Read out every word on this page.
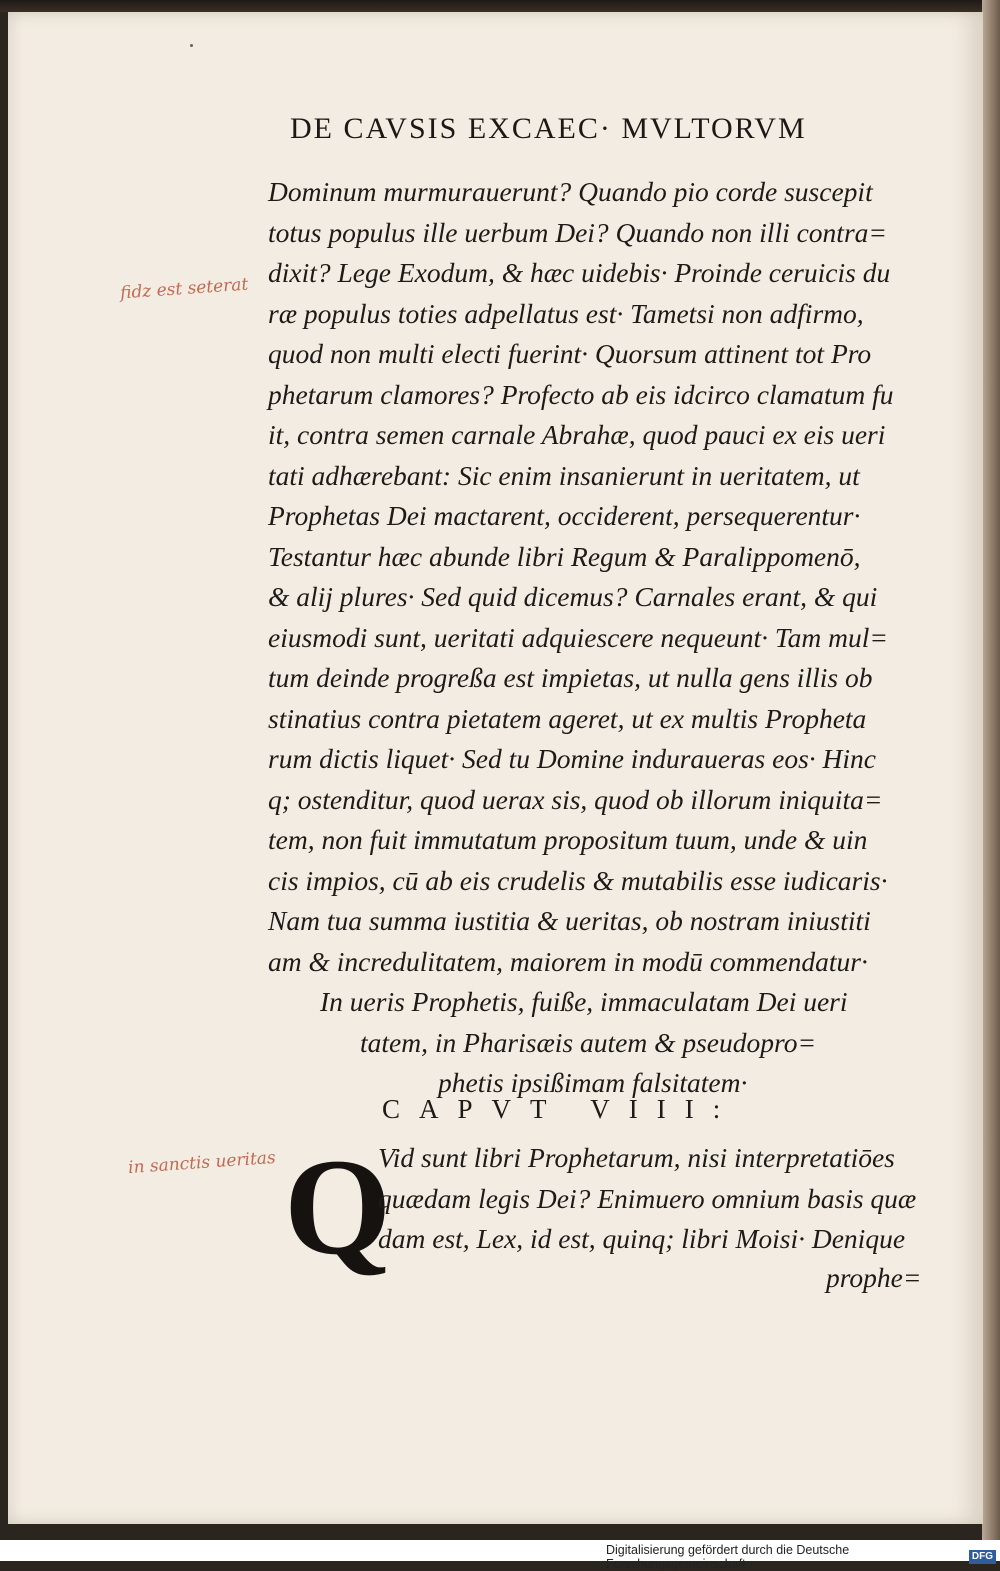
DE CAVSIS EXCAEC· MVLTORVM
Dominum murmurauerunt? Quando pio corde suscepit
totus populus ille uerbum Dei? Quando non illi contra=
dixit? Lege Exodum, & hæc uidebis· Proinde ceruicis du
ræ populus toties adpellatus est· Tametsi non adfirmo,
quod non multi electi fuerint· Quorsum attinent tot Pro
phetarum clamores? Profecto ab eis idcirco clamatum fu
it, contra semen carnale Abrahæ, quod pauci ex eis ueri
tati adhærebant: Sic enim insanierunt in ueritatem, ut
Prophetas Dei mactarent, occiderent, persequerentur·
Testantur hæc abunde libri Regum & Paralippomenō,
& alij plures· Sed quid dicemus? Carnales erant, & qui
eiusmodi sunt, ueritati adquiescere nequeunt· Tam mul=
tum deinde progreßa est impietas, ut nulla gens illis ob
stinatius contra pietatem ageret, ut ex multis Propheta
rum dictis liquet· Sed tu Domine induraueras eos· Hinc
q; ostenditur, quod uerax sis, quod ob illorum iniquita=
tem, non fuit immutatum propositum tuum, unde & uin
cis impios, cū ab eis crudelis & mutabilis esse iudicaris·
Nam tua summa iustitia & ueritas, ob nostram iniustiti
am & incredulitatem, maiorem in modū commendatur·
In ueris Prophetis, fuiße, immaculatam Dei ueri
tatem, in Pharisæis autem & pseudopro=
phetis ipsißimam falsitatem·
CAPVT VIII:
Q
Vid sunt libri Prophetarum, nisi interpretatiōes
quædam legis Dei? Enimuero omnium basis quæ
dam est, Lex, id est, quinq; libri Moisi· Denique
prophe=
fidz est seterat
in sanctis ueritas
Digitalisierung gefördert durch die Deutsche Forschungsgemeinschaft ·
DFG
